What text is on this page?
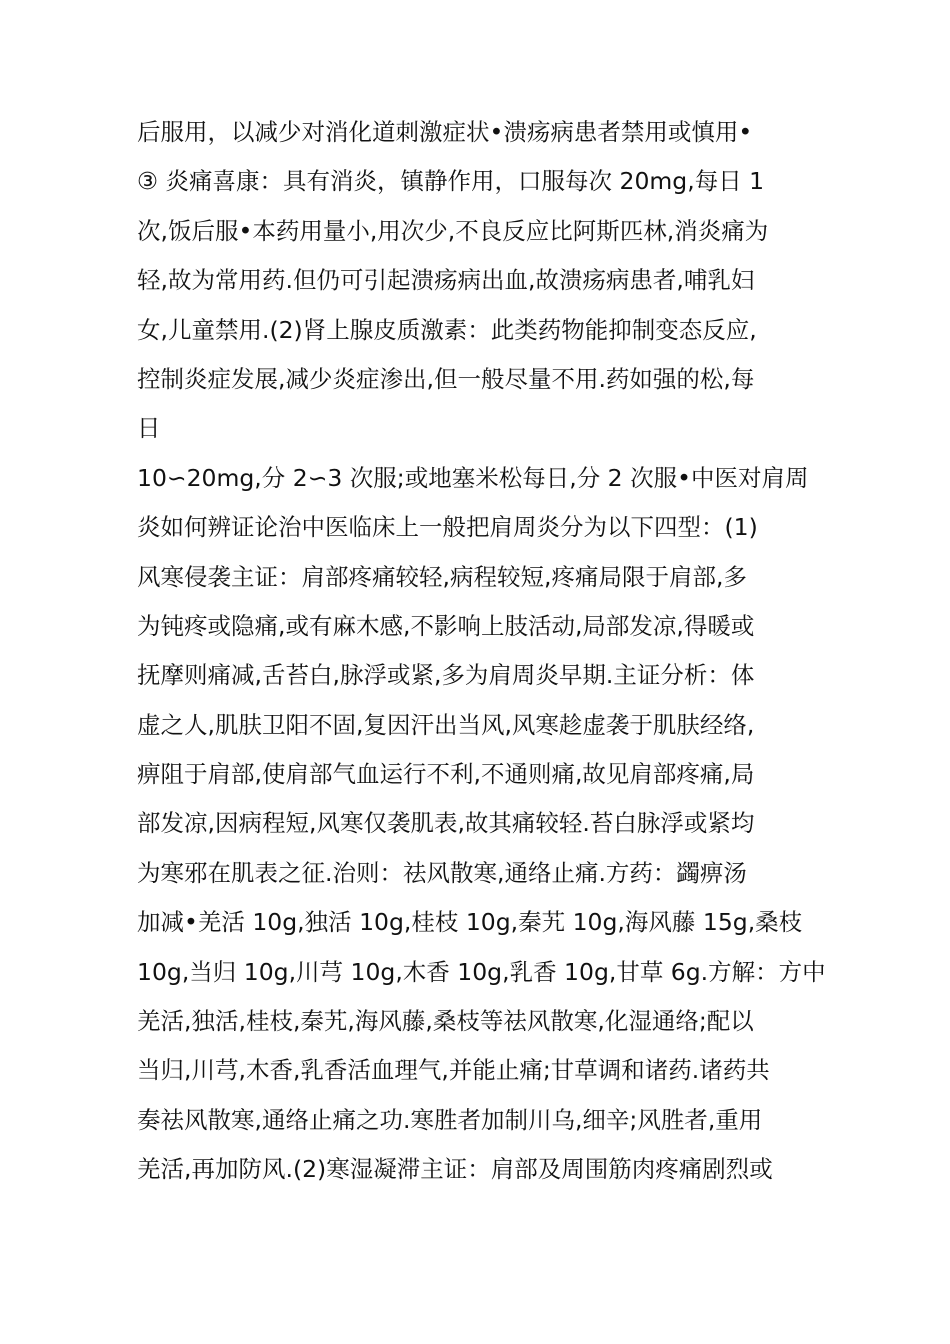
后服用，以减少对消化道刺激症状•溃疡病患者禁用或慎用•
③ 炎痛喜康：具有消炎，镇静作用，口服每次 20mg,每日 1
次,饭后服•本药用量小,用次少,不良反应比阿斯匹林,消炎痛为
轻,故为常用药.但仍可引起溃疡病出血,故溃疡病患者,哺乳妇
女,儿童禁用.(2)肾上腺皮质激素：此类药物能抑制变态反应,
控制炎症发展,减少炎症渗出,但一般尽量不用.药如强的松,每
日
10∽20mg,分 2∽3 次服;或地塞米松每日,分 2 次服•中医对肩周
炎如何辨证论治中医临床上一般把肩周炎分为以下四型：(1)
风寒侵袭主证：肩部疼痛较轻,病程较短,疼痛局限于肩部,多
为钝疼或隐痛,或有麻木感,不影响上肢活动,局部发凉,得暖或
抚摩则痛减,舌苔白,脉浮或紧,多为肩周炎早期.主证分析：体
虚之人,肌肤卫阳不固,复因汗出当风,风寒趁虚袭于肌肤经络,
痹阻于肩部,使肩部气血运行不利,不通则痛,故见肩部疼痛,局
部发凉,因病程短,风寒仅袭肌表,故其痛较轻.苔白脉浮或紧均
为寒邪在肌表之征.治则：祛风散寒,通络止痛.方药：蠲痹汤
加减•羌活 10g,独活 10g,桂枝 10g,秦艽 10g,海风藤 15g,桑枝
10g,当归 10g,川芎 10g,木香 10g,乳香 10g,甘草 6g.方解：方中
羌活,独活,桂枝,秦艽,海风藤,桑枝等祛风散寒,化湿通络;配以
当归,川芎,木香,乳香活血理气,并能止痛;甘草调和诸药.诸药共
奏祛风散寒,通络止痛之功.寒胜者加制川乌,细辛;风胜者,重用
羌活,再加防风.(2)寒湿凝滞主证：肩部及周围筋肉疼痛剧烈或
